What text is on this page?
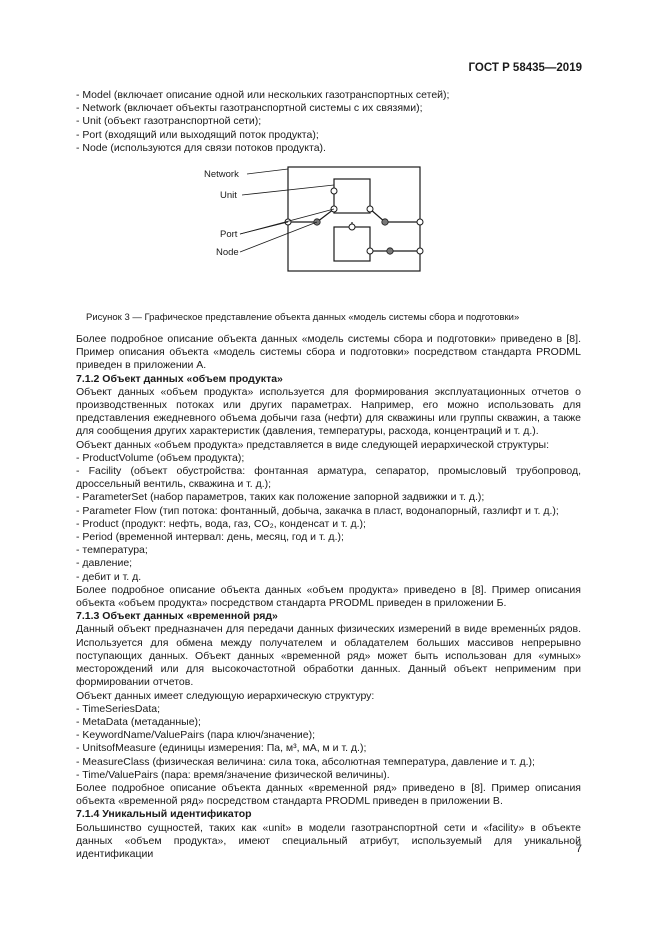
ГОСТ Р 58435—2019

- Model (включает описание одной или нескольких газотранспортных сетей);

- Network (включает объекты газотранспортной системы с их связями);

- Unit (объект газотранспортной сети);

- Port (входящий или выходящий поток продукта);

- Node (используются для связи потоков продукта).

Network
Unit
Port
Node
Рисунок 3 — Графическое представление объекта данных «модель системы сбора и подготовки»

Более подробное описание объекта данных «модель системы сбора и подготовки» приведено в [8]. Пример описания объекта «модель системы сбора и подготовки» посредством стандарта PRODML приведен в приложении А.

7.1.2 Объект данных «объем продукта»

Объект данных «объем продукта» используется для формирования эксплуатационных отчетов о производственных потоках или других параметрах. Например, его можно использовать для представления ежедневного объема добычи газа (нефти) для скважины или группы скважин, а также для сообщения других характеристик (давления, температуры, расхода, концентраций и т. д.).

Объект данных «объем продукта» представляется в виде следующей иерархической структуры:

- ProductVolume (объем продукта);

- Facility (объект обустройства: фонтанная арматура, сепаратор, промысловый трубопровод, дроссельный вентиль, скважина и т. д.);

- ParameterSet (набор параметров, таких как положение запорной задвижки и т. д.);

- Parameter Flow (тип потока: фонтанный, добыча, закачка в пласт, водонапорный, газлифт и т. д.);

- Product (продукт: нефть, вода, газ, CO₂, конденсат и т. д.);

- Period (временной интервал: день, месяц, год и т. д.);

- температура;

- давление;

- дебит и т. д.

Более подробное описание объекта данных «объем продукта» приведено в [8]. Пример описания объекта «объем продукта» посредством стандарта PRODML приведен в приложении Б.

7.1.3 Объект данных «временной ряд»

Данный объект предназначен для передачи данных физических измерений в виде временны́х рядов. Используется для обмена между получателем и обладателем больших массивов непрерывно поступающих данных. Объект данных «временной ряд» может быть использован для «умных» месторождений или для высокочастотной обработки данных. Данный объект неприменим при формировании отчетов.

Объект данных имеет следующую иерархическую структуру:

- TimeSeriesData;

- MetaData (метаданные);

- KeywordName/ValuePairs (пара ключ/значение);

- UnitsofMeasure (единицы измерения: Па, м³, мА, м и т. д.);

- MeasureClass (физическая величина: сила тока, абсолютная температура, давление и т. д.);

- Time/ValuePairs (пара: время/значение физической величины).

Более подробное описание объекта данных «временной ряд» приведено в [8]. Пример описания объекта «временной ряд» посредством стандарта PRODML приведен в приложении В.

7.1.4 Уникальный идентификатор

Большинство сущностей, таких как «unit» в модели газотранспортной сети и «facility» в объекте данных «объем продукта», имеют специальный атрибут, используемый для уникальной идентификации	7
